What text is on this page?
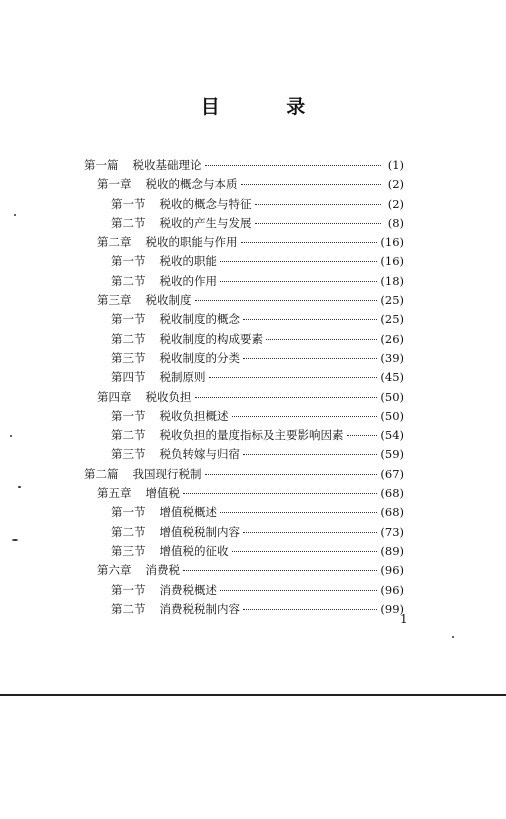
目 录
第一篇 税收基础理论	(1)
第一章 税收的概念与本质	(2)
第一节 税收的概念与特征	(2)
第二节 税收的产生与发展	(8)
第二章 税收的职能与作用	(16)
第一节 税收的职能	(16)
第二节 税收的作用	(18)
第三章 税收制度	(25)
第一节 税收制度的概念	(25)
第二节 税收制度的构成要素	(26)
第三节 税收制度的分类	(39)
第四节 税制原则	(45)
第四章 税收负担	(50)
第一节 税收负担概述	(50)
第二节 税收负担的量度指标及主要影响因素	(54)
第三节 税负转嫁与归宿	(59)
第二篇 我国现行税制	(67)
第五章 增值税	(68)
第一节 增值税概述	(68)
第二节 增值税税制内容	(73)
第三节 增值税的征收	(89)
第六章 消费税	(96)
第一节 消费税概述	(96)
第二节 消费税税制内容	(99)
1
